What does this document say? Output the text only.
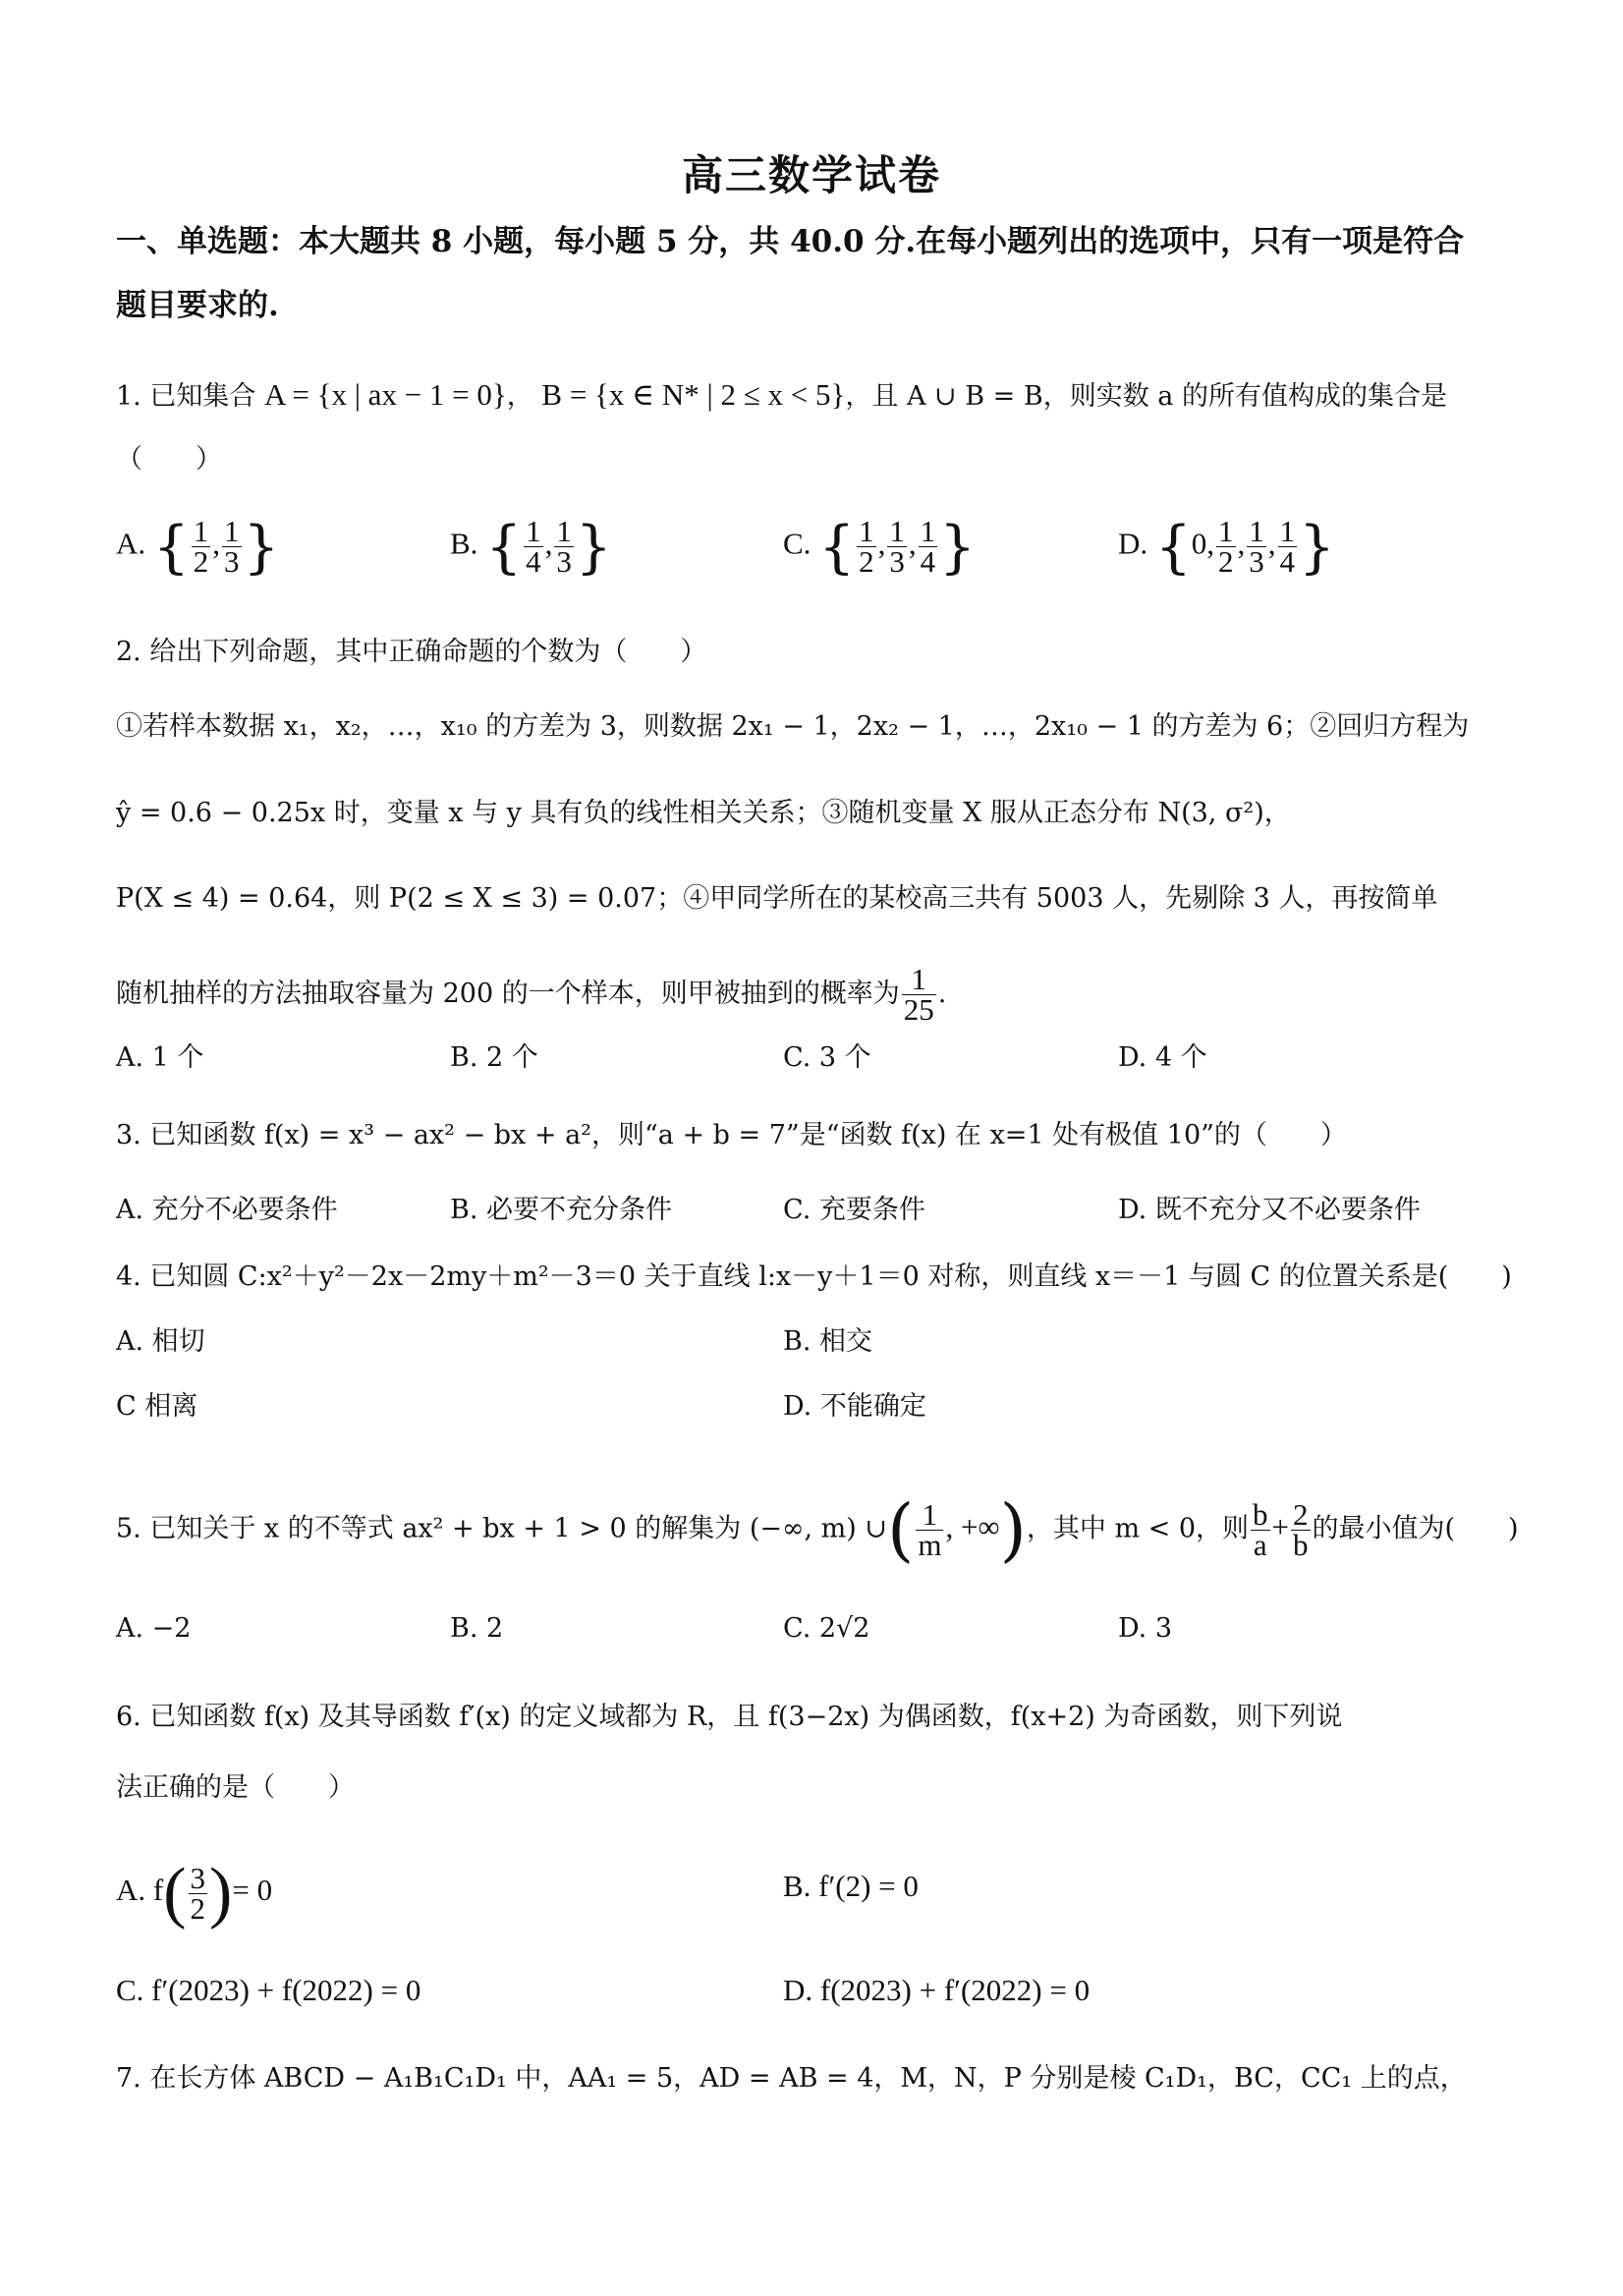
高三数学试卷
一、单选题：本大题共 8 小题，每小题 5 分，共 40.0 分.在每小题列出的选项中，只有一项是符合
题目要求的.
1. 已知集合 A = {x | ax − 1 = 0}， B = {x ∈ N* | 2 ≤ x < 5}，且 A ∪ B = B，则实数 a 的所有值构成的集合是
（　　）
A. { $\frac{1}{2}$ , $\frac{1}{3}$ }	B. { $\frac{1}{4}$ , $\frac{1}{3}$ }	C. { $\frac{1}{2}$ , $\frac{1}{3}$ , $\frac{1}{4}$ }	D. {0, $\frac{1}{2}$ , $\frac{1}{3}$ , $\frac{1}{4}$ }
2. 给出下列命题，其中正确命题的个数为（　　）
①若样本数据 x₁，x₂，…，x₁₀ 的方差为 3，则数据 2x₁ − 1，2x₂ − 1，…，2x₁₀ − 1 的方差为 6；②回归方程为
ŷ = 0.6 − 0.25x 时，变量 x 与 y 具有负的线性相关关系；③随机变量 X 服从正态分布 N(3, σ²)，
P(X ≤ 4) = 0.64，则 P(2 ≤ X ≤ 3) = 0.07；④甲同学所在的某校高三共有 5003 人，先剔除 3 人，再按简单
随机抽样的方法抽取容量为 200 的一个样本，则甲被抽到的概率为 $\frac{1}{25}$ .
A. 1 个	B. 2 个	C. 3 个	D. 4 个
3. 已知函数 f(x) = x³ − ax² − bx + a²，则“a + b = 7”是“函数 f(x) 在 x=1 处有极值 10”的（　　）
A. 充分不必要条件	B. 必要不充分条件	C. 充要条件	D. 既不充分又不必要条件
4. 已知圆 C:x²＋y²－2x－2my＋m²－3＝0 关于直线 l:x－y＋1＝0 对称，则直线 x＝－1 与圆 C 的位置关系是(　　)
A. 相切	B. 相交
C 相离	D. 不能确定
5. 已知关于 x 的不等式 ax² + bx + 1 > 0 的解集为 (−∞, m) ∪( $\frac{1}{m}$ , +∞)，其中 m < 0，则 $\frac{b}{a} + \frac{2}{b}$ 的最小值为(　　)
A. −2	B. 2	C. 2√2	D. 3
6. 已知函数 f(x) 及其导函数 f′(x) 的定义域都为 R，且 f(3−2x) 为偶函数，f(x+2) 为奇函数，则下列说
法正确的是（　　）
A. $f( \frac{3}{2}$ )= 0	B. f′(2) = 0
C. f′(2023) + f(2022) = 0	D. f(2023) + f′(2022) = 0
7. 在长方体 ABCD − A₁B₁C₁D₁ 中，AA₁ = 5，AD = AB = 4，M，N，P 分别是棱 C₁D₁，BC，CC₁ 上的点，
